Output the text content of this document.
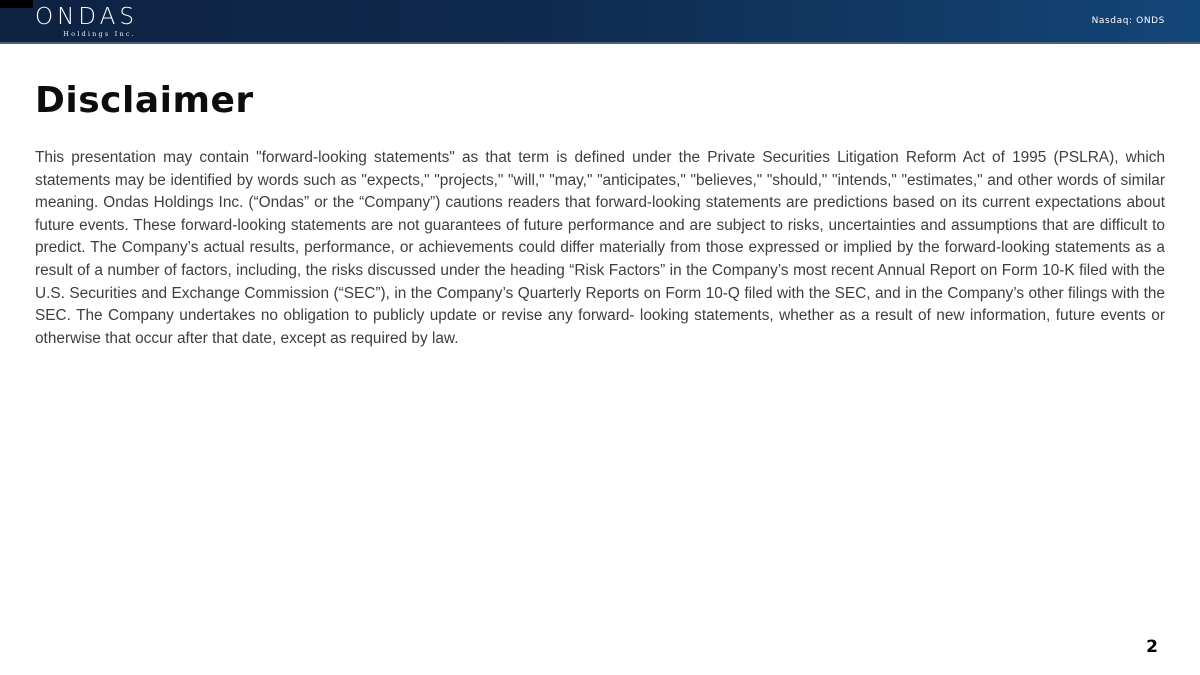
ONDAS
Holdings Inc.
Nasdaq: ONDS
Disclaimer

This presentation may contain "forward-looking statements" as that term is defined under the Private Securities Litigation Reform Act of 1995 (PSLRA), which statements may be identified by words such as "expects," "projects," "will," "may," "anticipates," "believes," "should," "intends," "estimates," and other words of similar meaning. Ondas Holdings Inc. (“Ondas” or the “Company”) cautions readers that forward-looking statements are predictions based on its current expectations about future events. These forward-looking statements are not guarantees of future performance and are subject to risks, uncertainties and assumptions that are difficult to predict. The Company’s actual results, performance, or achievements could differ materially from those expressed or implied by the forward-looking statements as a result of a number of factors, including, the risks discussed under the heading “Risk Factors” in the Company’s most recent Annual Report on Form 10-K filed with the U.S. Securities and Exchange Commission (“SEC”), in the Company’s Quarterly Reports on Form 10-Q filed with the SEC, and in the Company’s other filings with the SEC. The Company undertakes no obligation to publicly update or revise any forward- looking statements, whether as a result of new information, future events or otherwise that occur after that date, except as required by law.

2
